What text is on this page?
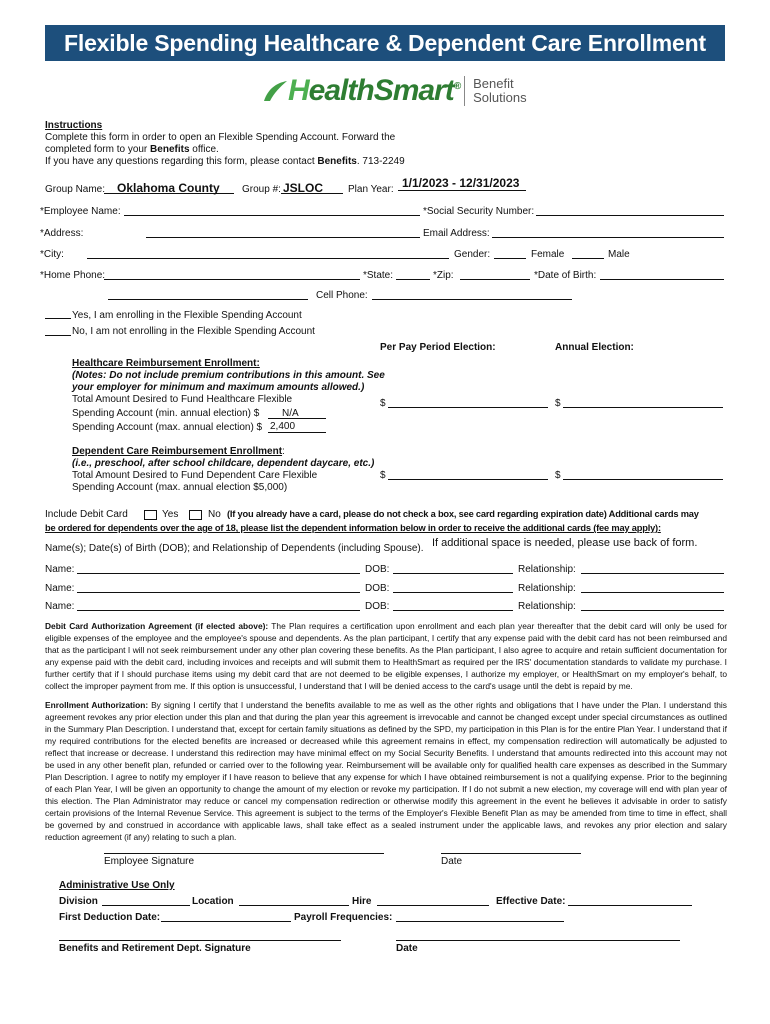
Flexible Spending Healthcare & Dependent Care Enrollment
HealthSmart® Benefit
Solutions
Instructions
Complete this form in order to open an Flexible Spending Account. Forward the
completed form to your Benefits office.
If you have any questions regarding this form, please contact Benefits. 713-2249
Group Name: Oklahoma County Group #: JSLOC Plan Year: 1/1/2023 - 12/31/2023
*Employee Name:	*Social Security Number:
*Address:	Email Address:
*City:	Gender:	Female	Male
*Home Phone:	*State:	*Zip:	*Date of Birth:
Cell Phone:
Yes, I am enrolling in the Flexible Spending Account
No, I am not enrolling in the Flexible Spending Account
Per Pay Period Election:	Annual Election:
Healthcare Reimbursement Enrollment:
(Notes: Do not include premium contributions in this amount. See
your employer for minimum and maximum amounts allowed.)
Total Amount Desired to Fund Healthcare Flexible
Spending Account (min. annual election) $ N/A
Spending Account (max. annual election) $ 2,400
$	$
Dependent Care Reimbursement Enrollment:
(i.e., preschool, after school childcare, dependent daycare, etc.)
Total Amount Desired to Fund Dependent Care Flexible
Spending Account (max. annual election $5,000)
$	$
Include Debit Card	Yes	No (If you already have a card, please do not check a box, see card regarding expiration date) Additional cards may
be ordered for dependents over the age of 18, please list the dependent information below in order to receive the additional cards (fee may apply):
Name(s); Date(s) of Birth (DOB); and Relationship of Dependents (including Spouse). If additional space is needed, please use back of form.
Name:	DOB:	Relationship:
Name:	DOB:	Relationship:
Name:	DOB:	Relationship:
Debit Card Authorization Agreement (if elected above): The Plan requires a certification upon enrollment and each plan year thereafter that the debit card will only be used for eligible expenses of the employee and the employee's spouse and dependents. As the plan participant, I certify that any expense paid with the debit card has not been reimbursed and that as the participant I will not seek reimbursement under any other plan covering these benefits. As the Plan participant, I also agree to acquire and retain sufficient documentation for any expense paid with the debit card, including invoices and receipts and will submit them to HealthSmart as required per the IRS' documentation standards to validate my purchase. I further certify that if I should purchase items using my debit card that are not deemed to be eligible expenses, I authorize my employer, or HealthSmart on my employer's behalf, to collect the improper payment from me. If this option is unsuccessful, I understand that I will be denied access to the card's usage until the debt is repaid by me.
Enrollment Authorization: By signing I certify that I understand the benefits available to me as well as the other rights and obligations that I have under the Plan. I understand this agreement revokes any prior election under this plan and that during the plan year this agreement is irrevocable and cannot be changed except under special circumstances as outlined in the Summary Plan Description. I understand that, except for certain family situations as defined by the SPD, my participation in this Plan is for the entire Plan Year. I understand that if my required contributions for the elected benefits are increased or decreased while this agreement remains in effect, my compensation redirection will automatically be adjusted to reflect that increase or decrease. I understand this redirection may have minimal effect on my Social Security Benefits. I understand that amounts redirected into this account may not be used in any other benefit plan, refunded or carried over to the following year. Reimbursement will be available only for qualified health care expenses as described in the Summary Plan Description. I agree to notify my employer if I have reason to believe that any expense for which I have obtained reimbursement is not a qualifying expense. Prior to the beginning of each Plan Year, I will be given an opportunity to change the amount of my election or revoke my participation. If I do not submit a new election, my coverage will end with plan year of this election. The Plan Administrator may reduce or cancel my compensation redirection or otherwise modify this agreement in the event he believes it advisable in order to satisfy certain provisions of the Internal Revenue Service. This agreement is subject to the terms of the Employer's Flexible Benefit Plan as may be amended from time to time in effect, shall be governed by and construed in accordance with applicable laws, shall take effect as a sealed instrument under the applicable laws, and revokes any prior election and salary reduction agreement (if any) relating to such a plan.
Employee Signature	Date
Administrative Use Only
Division	Location	Hire	Effective Date:
First Deduction Date:	Payroll Frequencies:
Benefits and Retirement Dept. Signature	Date
